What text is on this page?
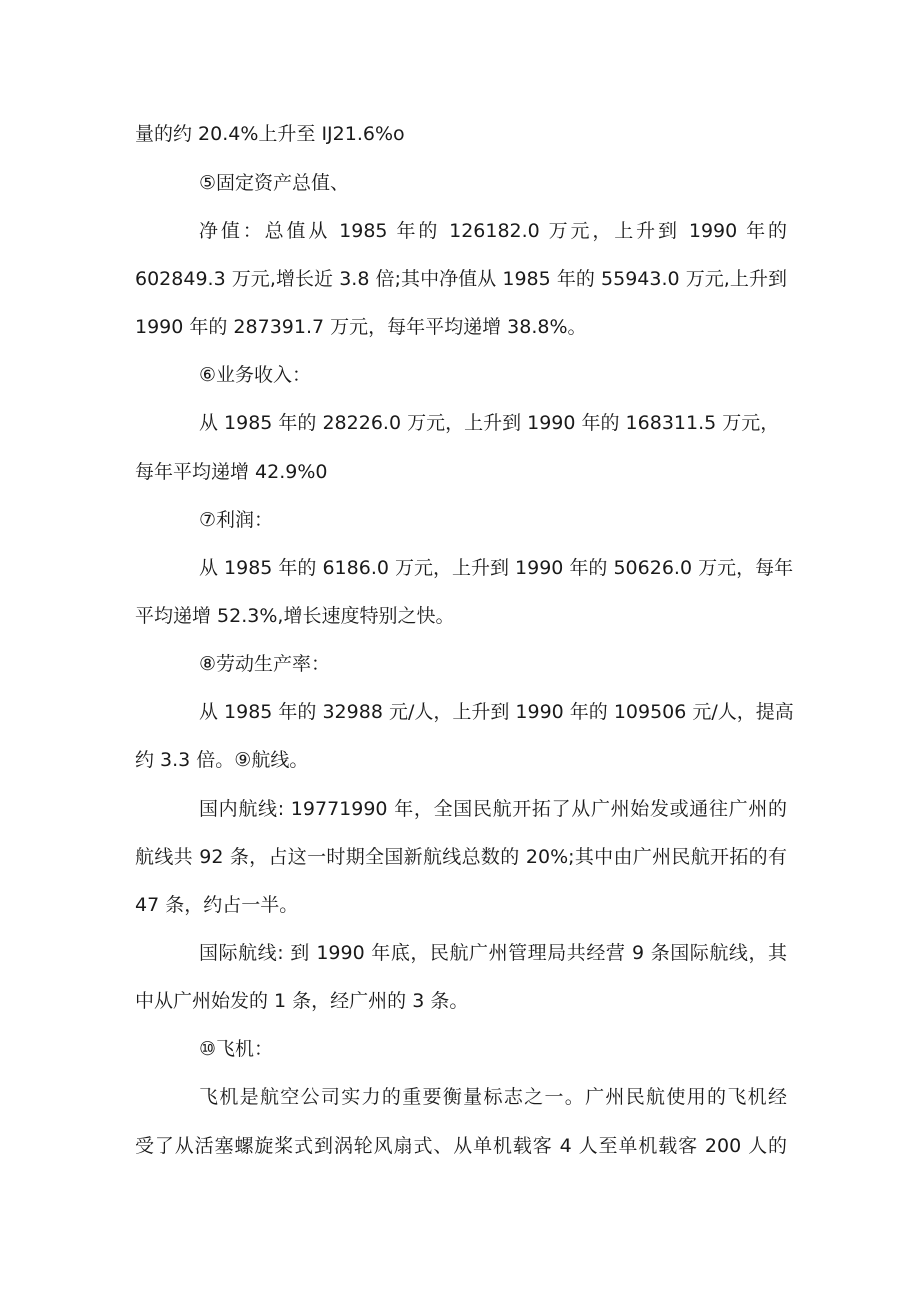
量的约 20.4%上升至 IJ21.6%o
⑤固定资产总值、
净值：总值从 1985 年的 126182.0 万元，上升到 1990 年的
602849.3 万元,增长近 3.8 倍;其中净值从 1985 年的 55943.0 万元,上升到
1990 年的 287391.7 万元，每年平均递增 38.8%。
⑥业务收入：
从 1985 年的 28226.0 万元，上升到 1990 年的 168311.5 万元，
每年平均递增 42.9%0
⑦利润：
从 1985 年的 6186.0 万元，上升到 1990 年的 50626.0 万元，每年
平均递增 52.3%,增长速度特别之快。
⑧劳动生产率：
从 1985 年的 32988 元/人，上升到 1990 年的 109506 元/人，提高
约 3.3 倍。⑨航线。
国内航线: 19771990 年，全国民航开拓了从广州始发或通往广州的
航线共 92 条，占这一时期全国新航线总数的 20%;其中由广州民航开拓的有
47 条，约占一半。
国际航线: 到 1990 年底，民航广州管理局共经营 9 条国际航线，其
中从广州始发的 1 条，经广州的 3 条。
⑩飞机：
飞机是航空公司实力的重要衡量标志之一。广州民航使用的飞机经
受了从活塞螺旋桨式到涡轮风扇式、从单机载客 4 人至单机载客 200 人的
